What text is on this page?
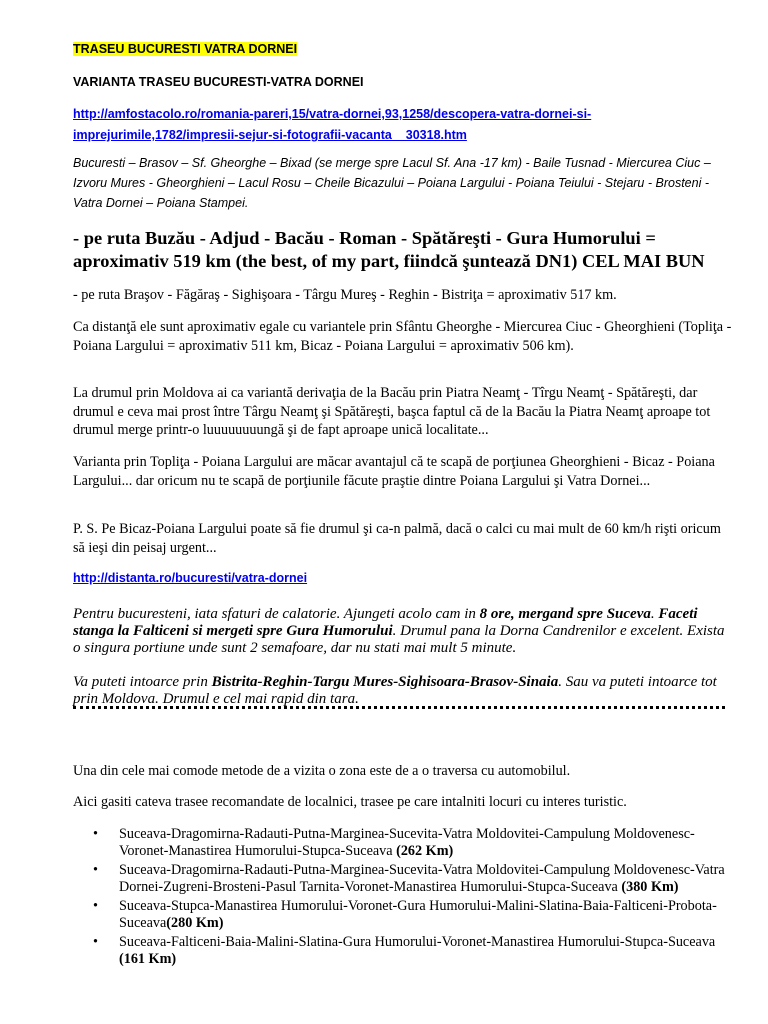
TRASEU BUCURESTI VATRA DORNEI
VARIANTA TRASEU BUCURESTI-VATRA DORNEI
http://amfostacolo.ro/romania-pareri,15/vatra-dornei,93,1258/descopera-vatra-dornei-si-
imprejurimile,1782/impresii-sejur-si-fotografii-vacanta__30318.htm
Bucuresti – Brasov – Sf. Gheorghe – Bixad (se merge spre Lacul Sf. Ana -17 km) - Baile Tusnad - Miercurea Ciuc – Izvoru Mures - Gheorghieni – Lacul Rosu – Cheile Bicazului – Poiana Largului - Poiana Teiului - Stejaru - Brosteni - Vatra Dornei – Poiana Stampei.
- pe ruta Buzău - Adjud - Bacău - Roman - Spătăreşti - Gura Humorului = aproximativ 519 km (the best, of my part, fiindcă şuntează DN1) CEL MAI BUN
- pe ruta Braşov - Făgăraş - Sighişoara - Târgu Mureş - Reghin - Bistriţa = aproximativ 517 km.
Ca distanţă ele sunt aproximativ egale cu variantele prin Sfântu Gheorghe - Miercurea Ciuc - Gheorghieni (Topliţa - Poiana Largului = aproximativ 511 km, Bicaz - Poiana Largului = aproximativ 506 km).
La drumul prin Moldova ai ca variantă derivaţia de la Bacău prin Piatra Neamţ - Tîrgu Neamţ - Spătăreşti, dar drumul e ceva mai prost între Târgu Neamţ şi Spătăreşti, başca faptul că de la Bacău la Piatra Neamţ aproape tot drumul merge printr-o luuuuuuuungă şi de fapt aproape unică localitate...
Varianta prin Topliţa - Poiana Largului are măcar avantajul că te scapă de porţiunea Gheorghieni - Bicaz - Poiana Largului... dar oricum nu te scapă de porţiunile făcute praştie dintre Poiana Largului şi Vatra Dornei...
P. S. Pe Bicaz-Poiana Largului poate să fie drumul şi ca-n palmă, dacă o calci cu mai mult de 60 km/h rişti oricum să ieşi din peisaj urgent...
http://distanta.ro/bucuresti/vatra-dornei
Pentru bucuresteni, iata sfaturi de calatorie. Ajungeti acolo cam in 8 ore, mergand spre Suceva. Faceti stanga la Falticeni si mergeti spre Gura Humorului. Drumul pana la Dorna Candrenilor e excelent. Exista o singura portiune unde sunt 2 semafoare, dar nu stati mai mult 5 minute.
Va puteti intoarce prin Bistrita-Reghin-Targu Mures-Sighisoara-Brasov-Sinaia. Sau va puteti intoarce tot prin Moldova. Drumul e cel mai rapid din tara.
Una din cele mai comode metode de a vizita o zona este de a o traversa cu automobilul.
Aici gasiti cateva trasee recomandate de localnici, trasee pe care intalniti locuri cu interes turistic.
• Suceava-Dragomirna-Radauti-Putna-Marginea-Sucevita-Vatra Moldovitei-Campulung Moldovenesc-Voronet-Manastirea Humorului-Stupca-Suceava (262 Km)
• Suceava-Dragomirna-Radauti-Putna-Marginea-Sucevita-Vatra Moldovitei-Campulung Moldovenesc-Vatra Dornei-Zugreni-Brosteni-Pasul Tarnita-Voronet-Manastirea Humorului-Stupca-Suceava (380 Km)
• Suceava-Stupca-Manastirea Humorului-Voronet-Gura Humorului-Malini-Slatina-Baia-Falticeni-Probota-Suceava(280 Km)
• Suceava-Falticeni-Baia-Malini-Slatina-Gura Humorului-Voronet-Manastirea Humorului-Stupca-Suceava (161 Km)
